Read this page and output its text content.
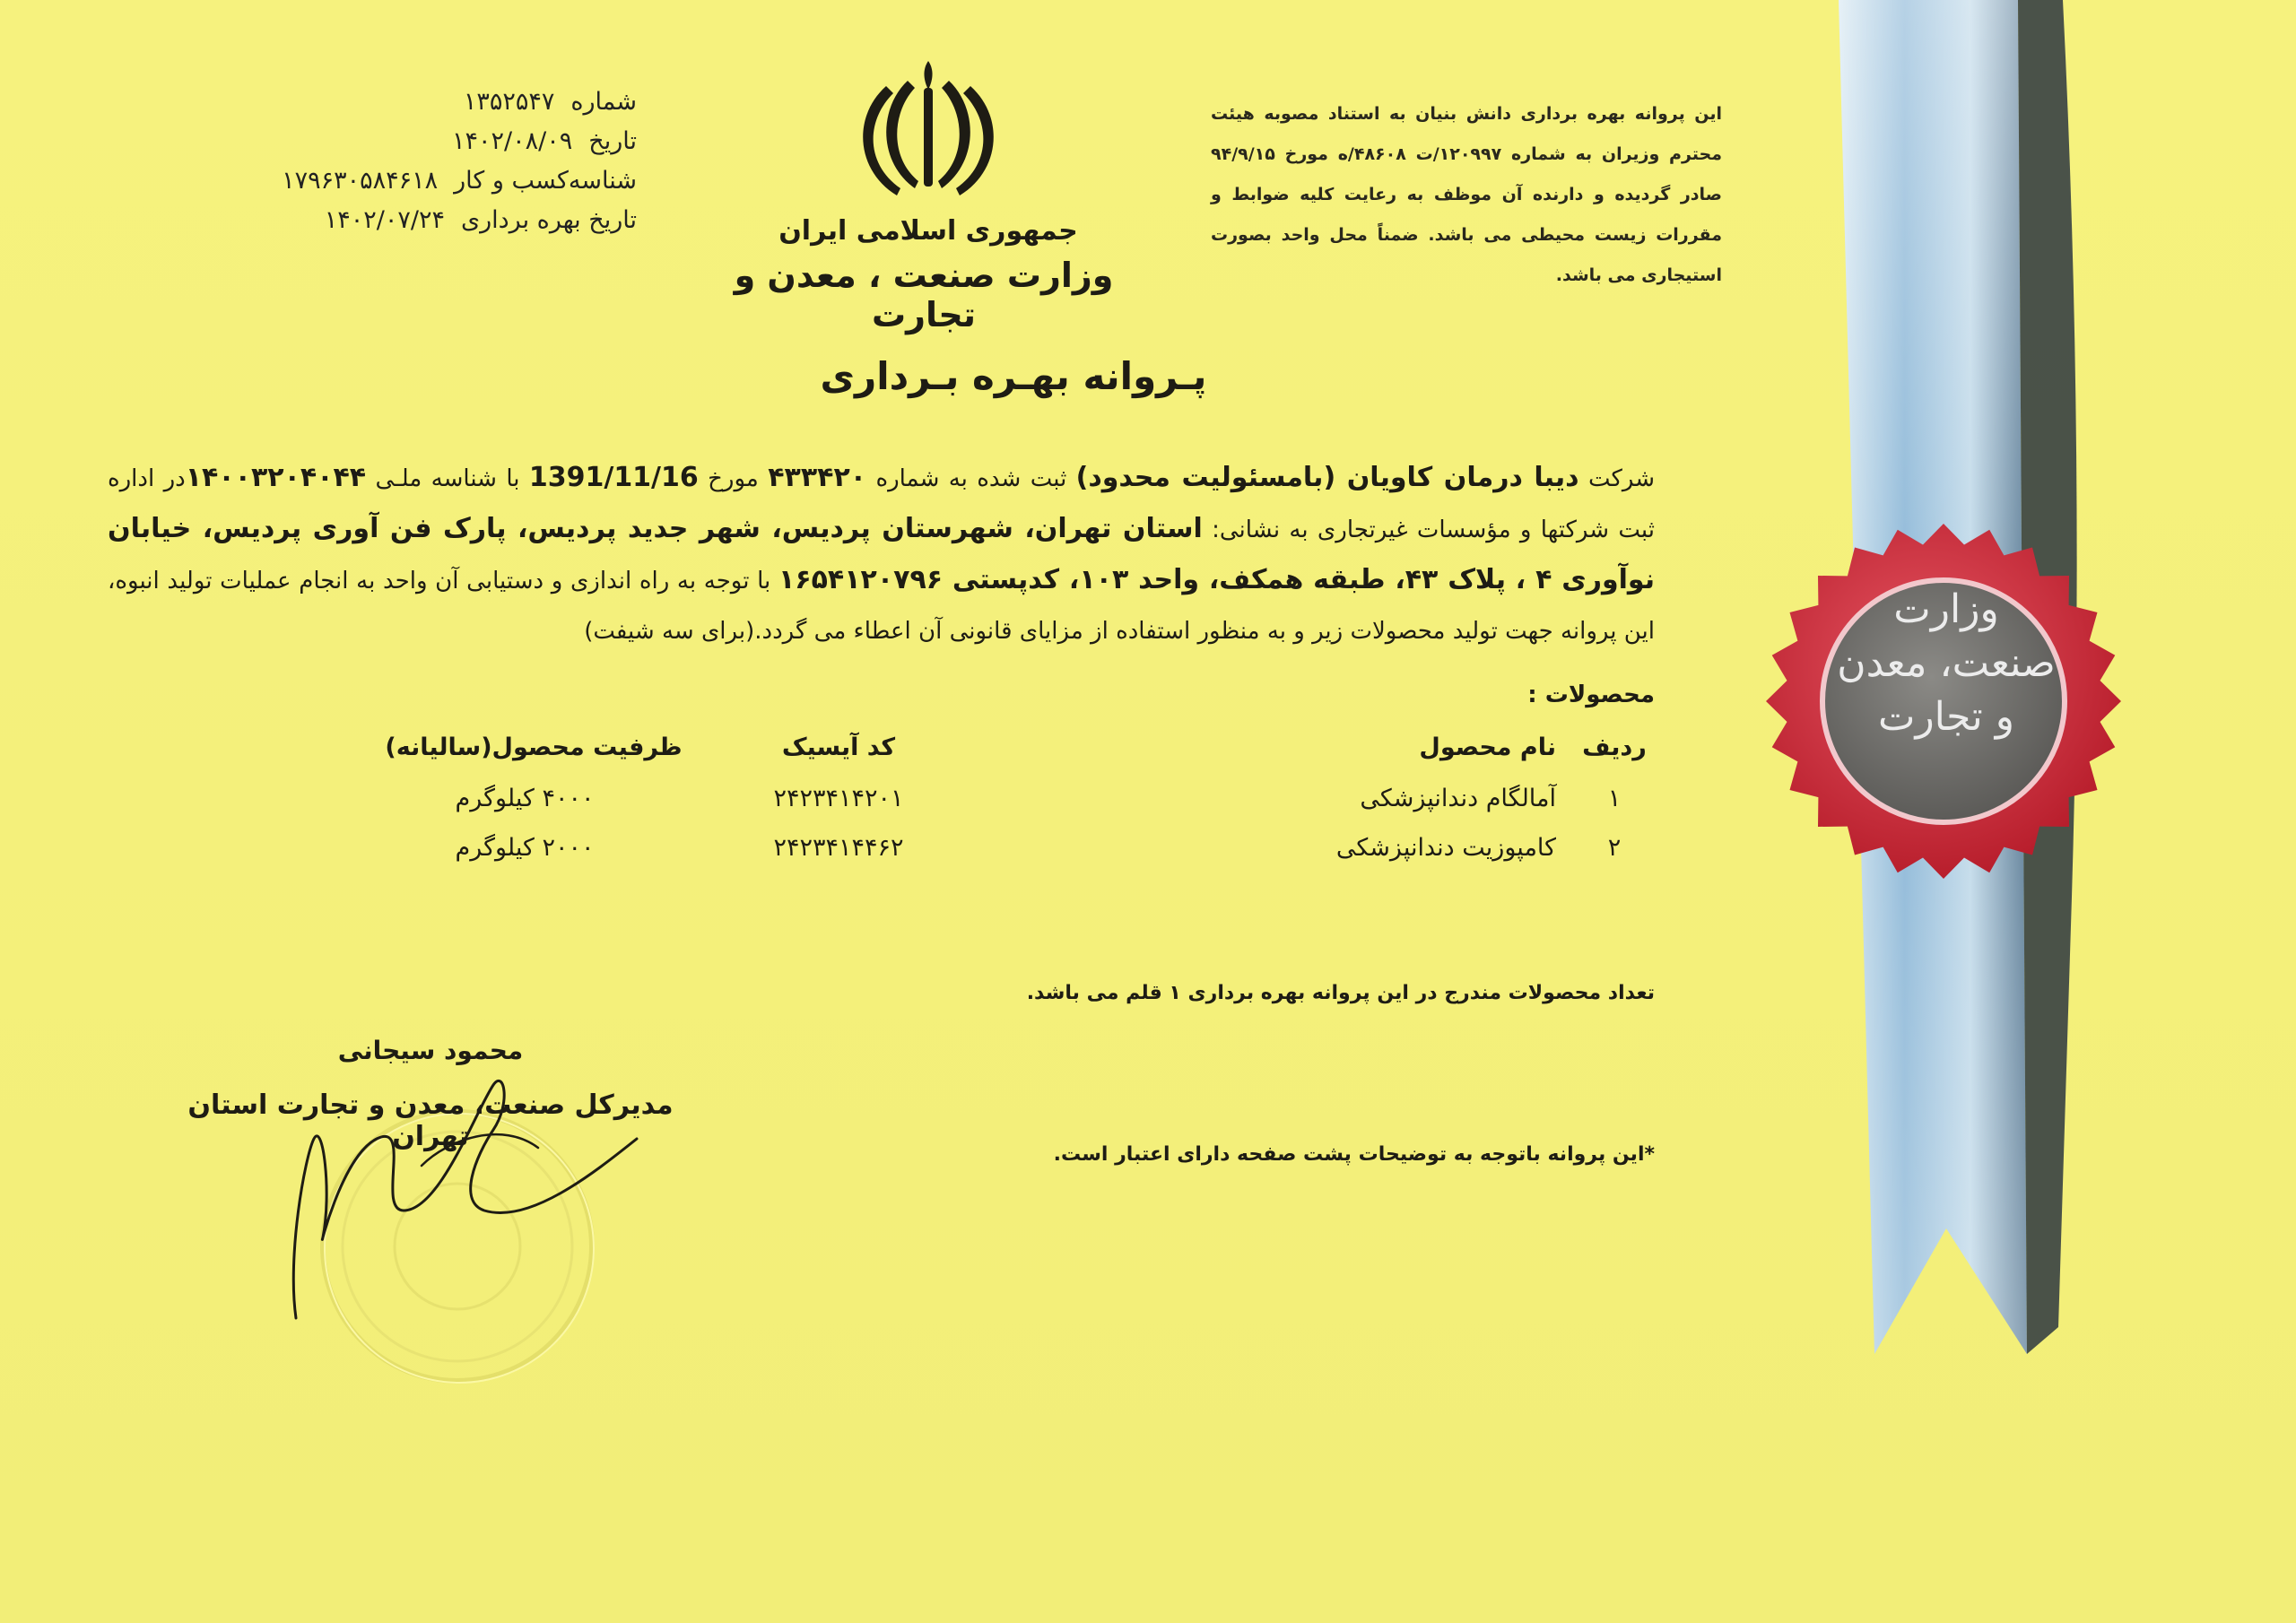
شماره
۱۳۵۲۵۴۷
تاریخ
۱۴۰۲/۰۸/۰۹
شناسه‌کسب و کار
۱۷۹۶۳۰۵۸۴۶۱۸
تاریخ بهره برداری
۱۴۰۲/۰۷/۲۴	جمهوری اسلامی ایران
وزارت صنعت ، معدن و تجارت
این پروانه بهره برداری دانش بنیان به استناد مصوبه هیئت محترم وزیران به شماره ۱۲۰۹۹۷/ت ۴۸۶۰۸/ه مورخ ۹۴/۹/۱۵ صادر گردیده و دارنده آن موظف به رعایت کلیه ضوابط و مقررات زیست محیطی می باشد. ضمناً محل واحد بصورت استیجاری می باشد.
پـروانه بهـره بـرداری
شرکت دیبا درمان کاویان (بامسئولیت محدود) ثبت شده به شماره ۴۳۳۴۲۰ مورخ 1391/11/16 با شناسه ملـی ۱۴۰۰۳۲۰۴۰۴۴در اداره ثبت شرکتها و مؤسسات غیرتجاری به نشانی: استان تهران، شهرستان پردیس، شهر جدید پردیس، پارک فن آوری پردیس، خیابان نوآوری ۴ ، پلاک ۴۳، طبقه همکف، واحد ۱۰۳، کدپستی ۱۶۵۴۱۲۰۷۹۶ با توجه به راه اندازی و دستیابی آن واحد به انجام عملیات تولید انبوه، این پروانه جهت تولید محصولات زیر و به منظور استفاده از مزایای قانونی آن اعطاء می گردد.(برای سه شیفت)
محصولات :
ردیف
نام محصول
کد آیسیک
ظرفیت محصول(سالیانه)
۱
آمالگام دندانپزشکی
۲۴۲۳۴۱۴۲۰۱
۴۰۰۰ کیلوگرم
۲
کامپوزیت دندانپزشکی
۲۴۲۳۴۱۴۴۶۲
۲۰۰۰ کیلوگرم
تعداد محصولات مندرج در این پروانه بهره برداری ۱ قلم می باشد.
*این پروانه باتوجه به توضیحات پشت صفحه دارای اعتبار است.
محمود سیجانی
مدیرکل صنعت، معدن و تجارت استان تهران
وزارت
صنعت، معدن
و تجارت
